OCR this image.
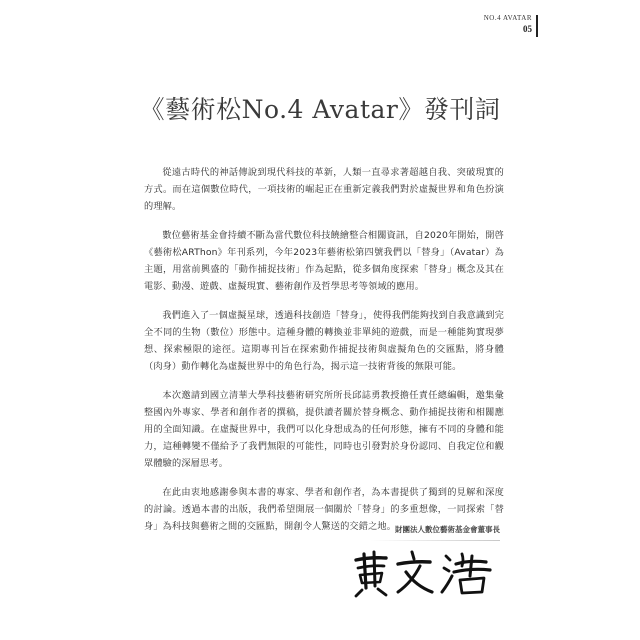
NO.4 AVATAR
05
《藝術松No.4 Avatar》發刊詞

從遠古時代的神話傳說到現代科技的革新，人類一直尋求著超越自我、突破現實的方式。而在這個數位時代，一項技術的崛起正在重新定義我們對於虛擬世界和角色扮演的理解。

數位藝術基金會持續不斷為當代數位科技饒繪整合相關資訊，自2020年開始，開啓《藝術松ARThon》年刊系列，今年2023年藝術松第四號我們以「替身」（Avatar）為主題，用當前興盛的「動作捕捉技術」作為起點，從多個角度探索「替身」概念及其在電影、動漫、遊戲、虛擬現實、藝術創作及哲學思考等領域的應用。

我們進入了一個虛擬星球，透過科技創造「替身」，使得我們能夠找到自我意識到完全不同的生物（數位）形態中。這種身體的轉換並非單純的遊戲，而是一種能夠實現夢想、探索極限的途徑。這期專刊旨在探索動作捕捉技術與虛擬角色的交匯點，將身體（肉身）動作轉化為虛擬世界中的角色行為，揭示這一技術背後的無限可能。

本次邀請到國立清華大學科技藝術研究所所長邱誌勇教授擔任責任總編輯，邀集彙整國內外專家、學者和創作者的撰稿，提供讀者關於替身概念、動作捕捉技術和相關應用的全面知識。在虛擬世界中，我們可以化身想成為的任何形態，擁有不同的身體和能力，這種轉變不僅給予了我們無限的可能性，同時也引發對於身份認同、自我定位和觀眾體驗的深層思考。

在此由衷地感謝參與本書的專家、學者和創作者，為本書提供了獨到的見解和深度的討論。透過本書的出版，我們希望開展一個關於「替身」的多重想像，一同探索「替身」為科技與藝術之間的交匯點，開創令人驚送的交錯之地。

財團法人數位藝術基金會董事長
